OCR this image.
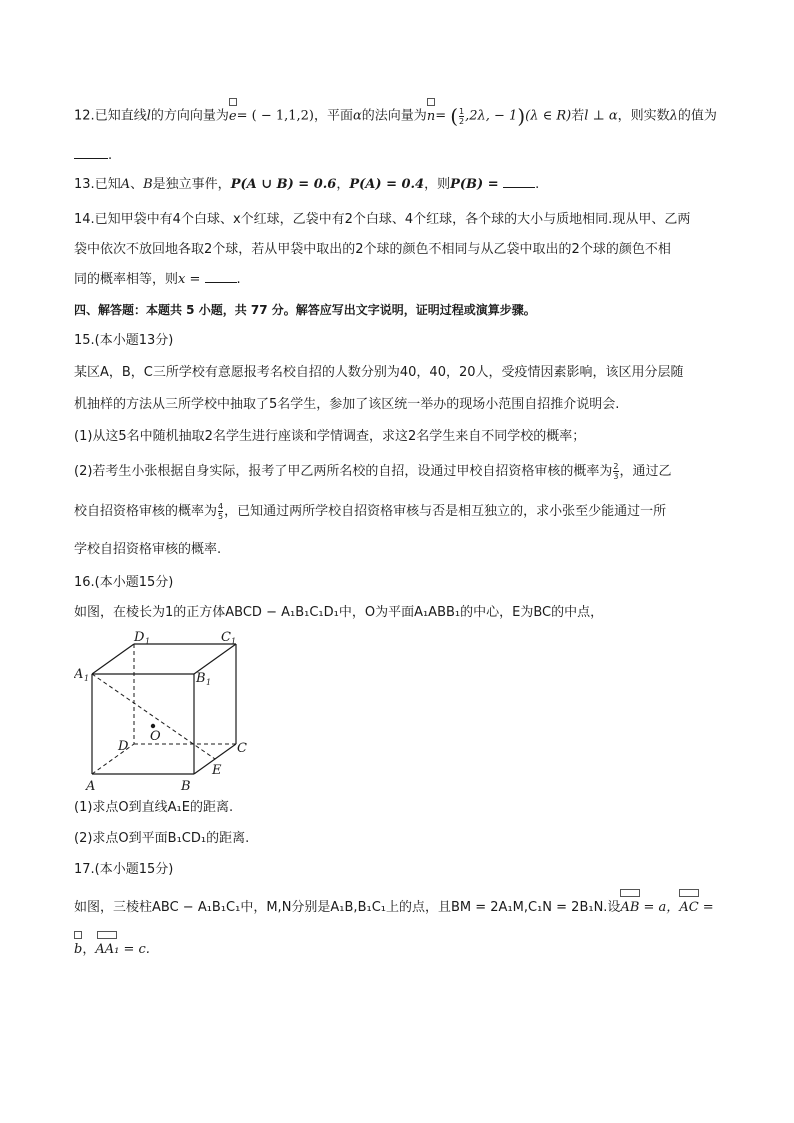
12.已知直线l的方向向量为e= ( − 1,1,2)，平面α的法向量为n= ( $\frac{1}{2} ,2\lambda$, − 1)(λ ∈ R)若l ⊥ α，则实数λ的值为
.
13.已知A、B是独立事件，P(A ∪ B) = 0.6，P(A) = 0.4，则P(B) = .
14.已知甲袋中有4个白球、x个红球，乙袋中有2个白球、4个红球，各个球的大小与质地相同.现从甲、乙两
袋中依次不放回地各取2个球，若从甲袋中取出的2个球的颜色不相同与从乙袋中取出的2个球的颜色不相
同的概率相等，则x = .
四、解答题：本题共 5 小题，共 77 分。解答应写出文字说明，证明过程或演算步骤。
15.(本小题13分)
某区A，B，C三所学校有意愿报考名校自招的人数分别为40，40，20人，受疫情因素影响，该区用分层随
机抽样的方法从三所学校中抽取了5名学生，参加了该区统一举办的现场小范围自招推介说明会.
(1)从这5名中随机抽取2名学生进行座谈和学情调查，求这2名学生来自不同学校的概率；
(2)若考生小张根据自身实际，报考了甲乙两所名校的自招，设通过甲校自招资格审核的概率为 $\frac{2}{3}$ ，通过乙
校自招资格审核的概率为 $\frac{4}{5}$ ，已知通过两所学校自招资格审核与否是相互独立的，求小张至少能通过一所
学校自招资格审核的概率.
16.(本小题15分)
如图，在棱长为1的正方体ABCD − A₁B₁C₁D₁中，O为平面A₁ABB₁的中心，E为BC的中点，
D 1	C 1
A 1	B 1
O
D	C
E
A	B
(1)求点O到直线A₁E的距离.
(2)求点O到平面B₁CD₁的距离.
17.(本小题15分)
如图，三棱柱ABC − A₁B₁C₁中，M,N分别是A₁B,B₁C₁上的点，且BM = 2A₁M,C₁N = 2B₁N.设AB = a，AC =
b，AA₁ = c.
